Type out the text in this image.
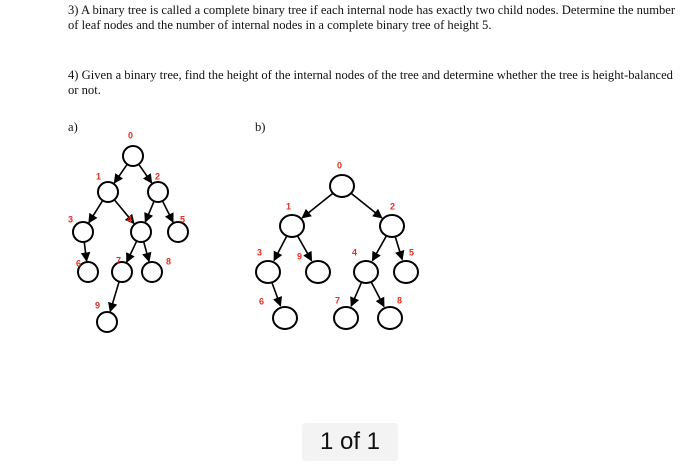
3) A binary tree is called a complete binary tree if each internal node has exactly two child nodes. Determine the number of leaf nodes and the number of internal nodes in a complete binary tree of height 5.
4) Given a binary tree, find the height of the internal nodes of the tree and determine whether the tree is height-balanced or not.
a)	b)
0
1	2
3	4	5
6	7	8
9
0
1	2
3	9	4	5
6	7	8
1 of 1
